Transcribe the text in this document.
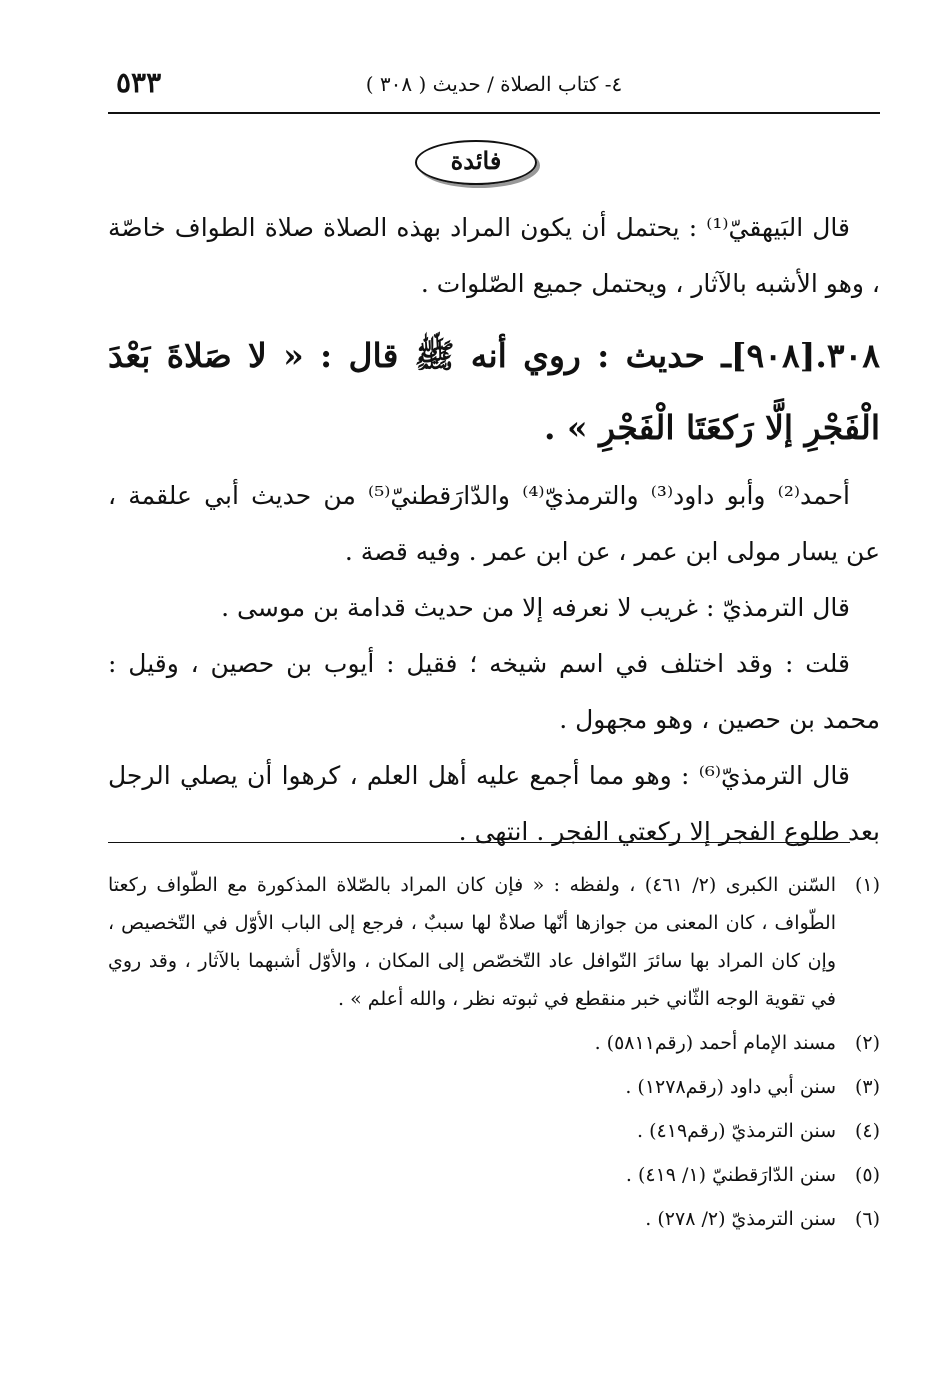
٤- كتاب الصلاة / حديث ( ٣٠٨ )
٥٣٣
فائدة

قال البَيهقيّ⁽¹⁾ : يحتمل أن يكون المراد بهذه الصلاة صلاة الطواف خاصّة ، وهو الأشبه بالآثار ، ويحتمل جميع الصّلوات .

٣٠٨.[٩٠٨]ـ حديث : روي أنه ﷺ قال : « لا صَلاةَ بَعْدَ الْفَجْرِ إلَّا رَكعَتَا الْفَجْرِ » .

أحمد⁽²⁾ وأبو داود⁽³⁾ والترمذيّ⁽⁴⁾ والدّارَقطنيّ⁽⁵⁾ من حديث أبي علقمة ، عن يسار مولى ابن عمر ، عن ابن عمر . وفيه قصة .

قال الترمذيّ : غريب لا نعرفه إلا من حديث قدامة بن موسى .

قلت : وقد اختلف في اسم شيخه ؛ فقيل : أيوب بن حصين ، وقيل : محمد بن حصين ، وهو مجهول .

قال الترمذيّ⁽⁶⁾ : وهو مما أجمع عليه أهل العلم ، كرهوا أن يصلي الرجل بعد طلوع الفجر إلا ركعتي الفجر . انتهى .

(١)
السّنن الكبرى (٢/ ٤٦١) ، ولفظه : « فإن كان المراد بالصّلاة المذكورة مع الطّواف ركعتا الطّواف ، كان المعنى من جوازها أنّها صلاةٌ لها سببٌ ، فرجع إلى الباب الأوّل في التّخصيص ، وإن كان المراد بها سائرَ النّوافل عاد التّخصّص إلى المكان ، والأوّل أشبهما بالآثار ، وقد روي في تقوية الوجه الثّاني خبر منقطع في ثبوته نظر ، والله أعلم » .
(٢)
مسند الإمام أحمد (رقم٥٨١١) .
(٣)
سنن أبي داود (رقم١٢٧٨) .
(٤)
سنن الترمذيّ (رقم٤١٩) .
(٥)
سنن الدّارَقطنيّ (١/ ٤١٩) .
(٦)
سنن الترمذيّ (٢/ ٢٧٨) .
